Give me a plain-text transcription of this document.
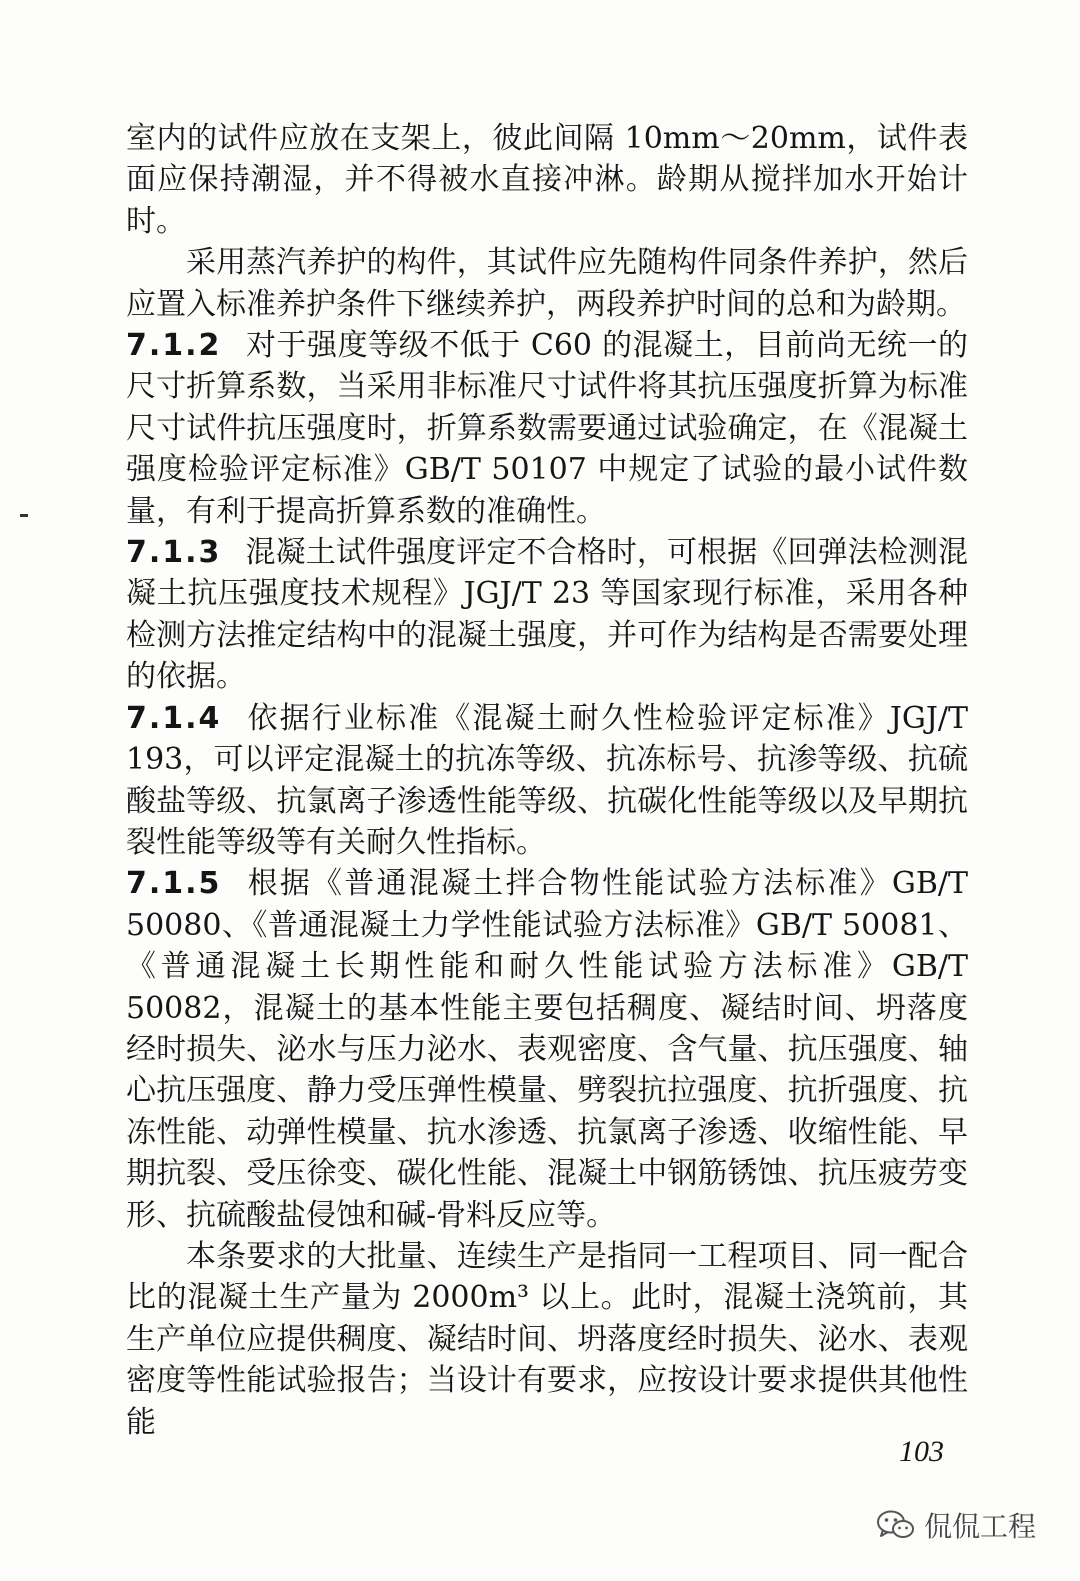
室内的试件应放在支架上，彼此间隔 10mm～20mm，试件表面应保持潮湿，并不得被水直接冲淋。龄期从搅拌加水开始计时。

采用蒸汽养护的构件，其试件应先随构件同条件养护，然后应置入标准养护条件下继续养护，两段养护时间的总和为龄期。

7.1.2 对于强度等级不低于 C60 的混凝土，目前尚无统一的尺寸折算系数，当采用非标准尺寸试件将其抗压强度折算为标准尺寸试件抗压强度时，折算系数需要通过试验确定，在《混凝土强度检验评定标准》GB/T 50107 中规定了试验的最小试件数量，有利于提高折算系数的准确性。

7.1.3 混凝土试件强度评定不合格时，可根据《回弹法检测混凝土抗压强度技术规程》JGJ/T 23 等国家现行标准，采用各种检测方法推定结构中的混凝土强度，并可作为结构是否需要处理的依据。

7.1.4 依据行业标准《混凝土耐久性检验评定标准》JGJ/T 193，可以评定混凝土的抗冻等级、抗冻标号、抗渗等级、抗硫酸盐等级、抗氯离子渗透性能等级、抗碳化性能等级以及早期抗裂性能等级等有关耐久性指标。

7.1.5 根据《普通混凝土拌合物性能试验方法标准》GB/T 50080、《普通混凝土力学性能试验方法标准》GB/T 50081、《普通混凝土长期性能和耐久性能试验方法标准》GB/T 50082，混凝土的基本性能主要包括稠度、凝结时间、坍落度经时损失、泌水与压力泌水、表观密度、含气量、抗压强度、轴心抗压强度、静力受压弹性模量、劈裂抗拉强度、抗折强度、抗冻性能、动弹性模量、抗水渗透、抗氯离子渗透、收缩性能、早期抗裂、受压徐变、碳化性能、混凝土中钢筋锈蚀、抗压疲劳变形、抗硫酸盐侵蚀和碱-骨料反应等。

本条要求的大批量、连续生产是指同一工程项目、同一配合比的混凝土生产量为 2000m³ 以上。此时，混凝土浇筑前，其生产单位应提供稠度、凝结时间、坍落度经时损失、泌水、表观密度等性能试验报告；当设计有要求，应按设计要求提供其他性能

103
侃侃工程
